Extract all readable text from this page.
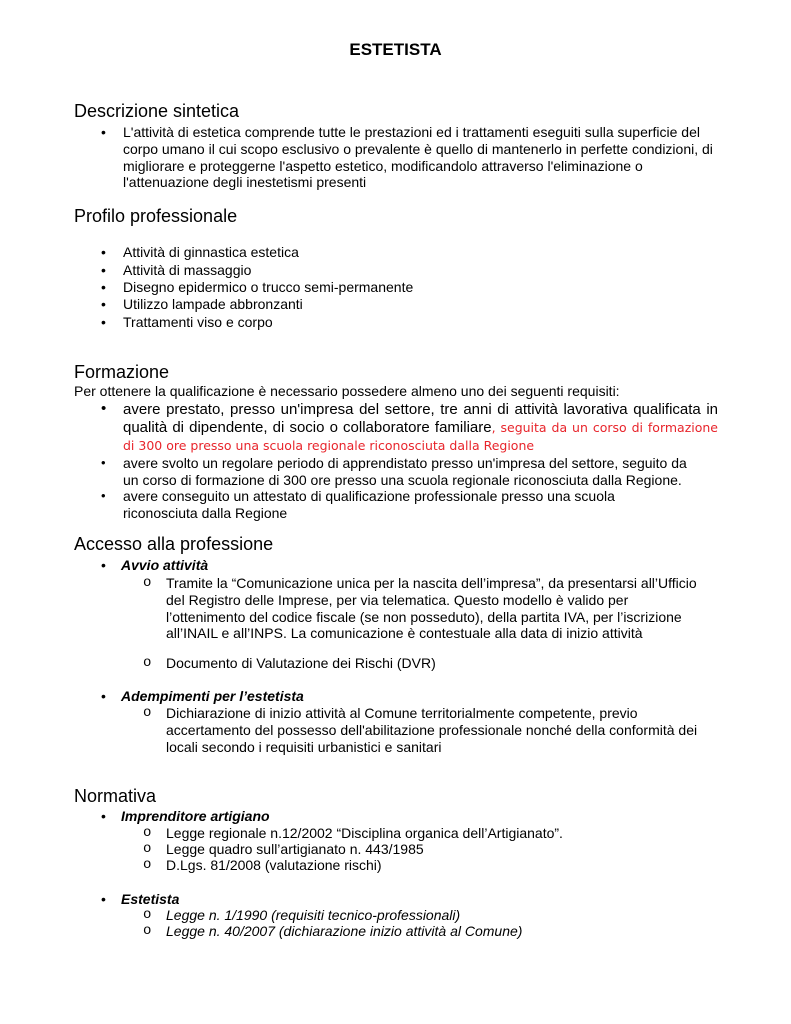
ESTETISTA
Descrizione sintetica
• L'attività di estetica comprende tutte le prestazioni ed i trattamenti eseguiti sulla superficie del corpo umano il cui scopo esclusivo o prevalente è quello di mantenerlo in perfette condizioni, di migliorare e proteggerne l'aspetto estetico, modificandolo attraverso l'eliminazione o l'attenuazione degli inestetismi presenti

Profilo professionale
• Attività di ginnastica estetica

• Attività di massaggio

• Disegno epidermico o trucco semi-permanente

• Utilizzo lampade abbronzanti

• Trattamenti viso e corpo

Formazione

Per ottenere la qualificazione è necessario possedere almeno uno dei seguenti requisiti:

• avere prestato, presso un'impresa del settore, tre anni di attività lavorativa qualificata in qualità di dipendente, di socio o collaboratore familiare, seguita da un corso di formazione di 300 ore presso una scuola regionale riconosciuta dalla Regione

• avere svolto un regolare periodo di apprendistato presso un'impresa del settore, seguito da un corso di formazione di 300 ore presso una scuola regionale riconosciuta dalla Regione.

• avere conseguito un attestato di qualificazione professionale presso una scuola riconosciuta dalla Regione

Accesso alla professione
• Avvio attività

o Tramite la “Comunicazione unica per la nascita dell’impresa”, da presentarsi all’Ufficio del Registro delle Imprese, per via telematica. Questo modello è valido per l’ottenimento del codice fiscale (se non posseduto), della partita IVA, per l’iscrizione all’INAIL e all’INPS. La comunicazione è contestuale alla data di inizio attività

o Documento di Valutazione dei Rischi (DVR)

• Adempimenti per l’estetista

o Dichiarazione di inizio attività al Comune territorialmente competente, previo accertamento del possesso dell'abilitazione professionale nonché della conformità dei locali secondo i requisiti urbanistici e sanitari

Normativa
• Imprenditore artigiano

o Legge regionale n.12/2002 “Disciplina organica dell’Artigianato”.

o Legge quadro sull’artigianato n. 443/1985

o D.Lgs. 81/2008 (valutazione rischi)

• Estetista

o Legge n. 1/1990 (requisiti tecnico-professionali)

o Legge n. 40/2007 (dichiarazione inizio attività al Comune)
